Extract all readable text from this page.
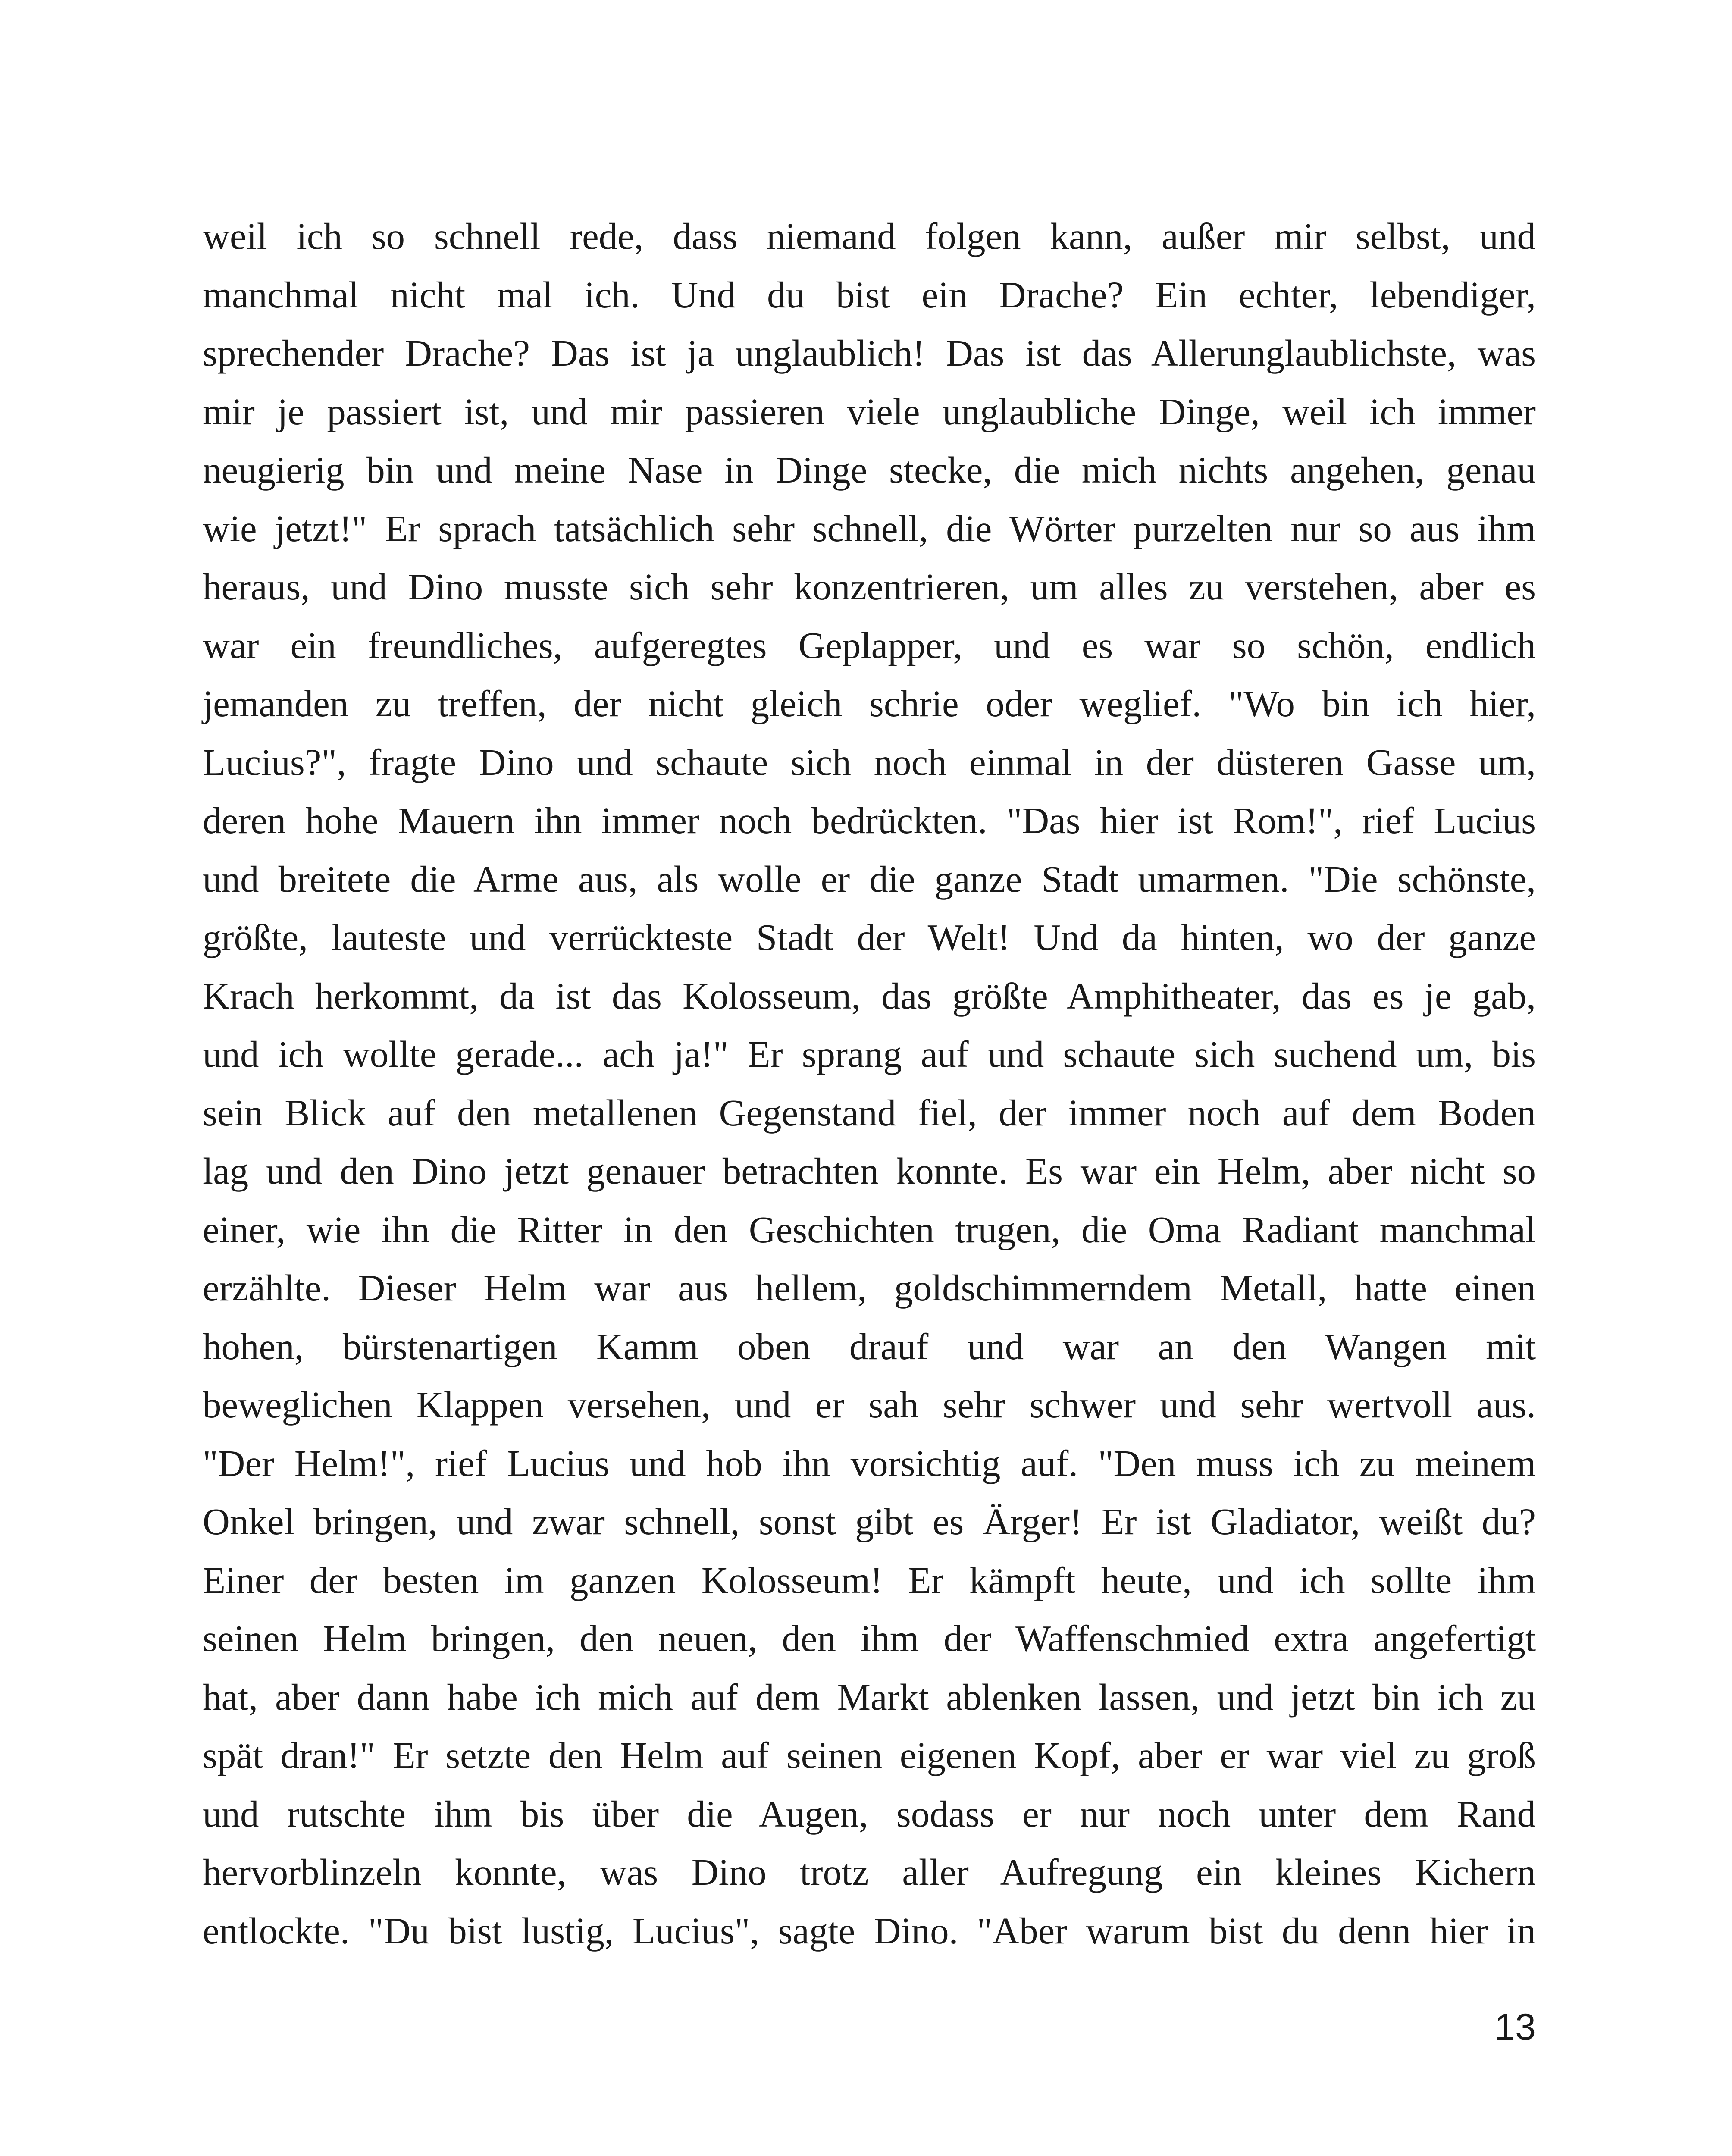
weil ich so schnell rede, dass niemand folgen kann, außer mir selbst, und
manchmal nicht mal ich. Und du bist ein Drache? Ein echter, lebendiger,
sprechender Drache? Das ist ja unglaublich! Das ist das Allerunglaublichste, was
mir je passiert ist, und mir passieren viele unglaubliche Dinge, weil ich immer
neugierig bin und meine Nase in Dinge stecke, die mich nichts angehen, genau
wie jetzt!" Er sprach tatsächlich sehr schnell, die Wörter purzelten nur so aus ihm
heraus, und Dino musste sich sehr konzentrieren, um alles zu verstehen, aber es
war ein freundliches, aufgeregtes Geplapper, und es war so schön, endlich
jemanden zu treffen, der nicht gleich schrie oder weglief. "Wo bin ich hier,
Lucius?", fragte Dino und schaute sich noch einmal in der düsteren Gasse um,
deren hohe Mauern ihn immer noch bedrückten. "Das hier ist Rom!", rief Lucius
und breitete die Arme aus, als wolle er die ganze Stadt umarmen. "Die schönste,
größte, lauteste und verrückteste Stadt der Welt! Und da hinten, wo der ganze
Krach herkommt, da ist das Kolosseum, das größte Amphitheater, das es je gab,
und ich wollte gerade... ach ja!" Er sprang auf und schaute sich suchend um, bis
sein Blick auf den metallenen Gegenstand fiel, der immer noch auf dem Boden
lag und den Dino jetzt genauer betrachten konnte. Es war ein Helm, aber nicht so
einer, wie ihn die Ritter in den Geschichten trugen, die Oma Radiant manchmal
erzählte. Dieser Helm war aus hellem, goldschimmerndem Metall, hatte einen
hohen, bürstenartigen Kamm oben drauf und war an den Wangen mit
beweglichen Klappen versehen, und er sah sehr schwer und sehr wertvoll aus.
"Der Helm!", rief Lucius und hob ihn vorsichtig auf. "Den muss ich zu meinem
Onkel bringen, und zwar schnell, sonst gibt es Ärger! Er ist Gladiator, weißt du?
Einer der besten im ganzen Kolosseum! Er kämpft heute, und ich sollte ihm
seinen Helm bringen, den neuen, den ihm der Waffenschmied extra angefertigt
hat, aber dann habe ich mich auf dem Markt ablenken lassen, und jetzt bin ich zu
spät dran!" Er setzte den Helm auf seinen eigenen Kopf, aber er war viel zu groß
und rutschte ihm bis über die Augen, sodass er nur noch unter dem Rand
hervorblinzeln konnte, was Dino trotz aller Aufregung ein kleines Kichern
entlockte. "Du bist lustig, Lucius", sagte Dino. "Aber warum bist du denn hier in
13
